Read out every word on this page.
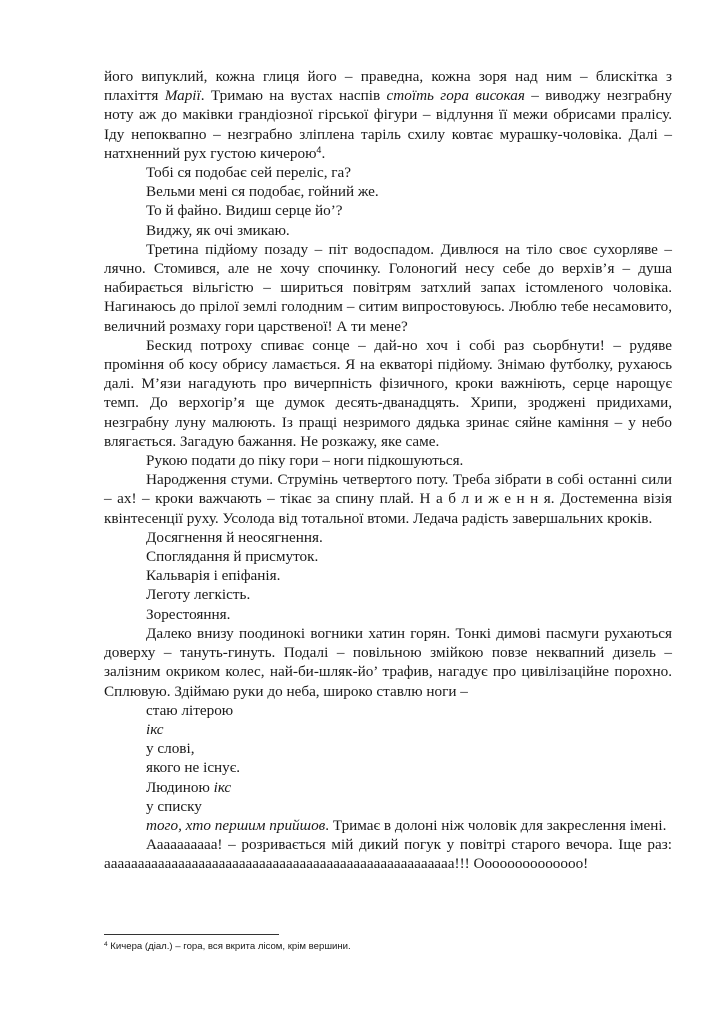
його випуклий, кожна глиця його – праведна, кожна зоря над ним – блискітка з плахіття Марії. Тримаю на вустах наспів стоїть гора високая – виводжу незграбну ноту аж до маківки грандіозної гірської фігури – відлуння її межи обрисами пралісу. Іду непоквапно – незграбно зліплена таріль схилу ковтає мурашку-чоловіка. Далі – натхненний рух густою кичерою$^4$.

Тобі ся подобає сей переліс, га?

Вельми мені ся подобає, гойний же.

То й файно. Видиш серце йо’?

Виджу, як очі змикаю.

Третина підйому позаду – піт водоспадом. Дивлюся на тіло своє сухорляве – лячно. Стомився, але не хочу спочинку. Голоногий несу себе до верхів’я – душа набирається вільгістю – шириться повітрям затхлий запах істомленого чоловіка. Нагинаюсь до прілої землі голодним – ситим випростовуюсь. Люблю тебе несамовито, величний розмаху гори царственої! А ти мене?

Бескид потроху спиває сонце – дай-но хоч і собі раз сьорбнути! – рудяве проміння об косу обрису ламається. Я на екваторі підйому. Знімаю футболку, рухаюсь далі. М’язи нагадують про вичерпність фізичного, кроки важніють, серце нарощує темп. До верхогір’я ще думок десять-дванадцять. Хрипи, зроджені придихами, незграбну луну малюють. Із пращі незримого дядька зринає сяйне каміння – у небо влягається. Загадую бажання. Не розкажу, яке саме.

Рукою подати до піку гори – ноги підкошуються.

Народження стуми. Струмінь четвертого поту. Треба зібрати в собі останні сили – ах! – кроки важчають – тікає за спину плай. Н а б л и ж е н н я. Достеменна візія квінтесенції руху. Усолода від тотальної втоми. Ледача радість завершальних кроків.

Досягнення й неосягнення.

Споглядання й присмуток.

Кальварія і епіфанія.

Леготу легкість.

Зорестояння.

Далеко внизу поодинокі вогники хатин горян. Тонкі димові пасмуги рухаються доверху – тануть-гинуть. Подалі – повільною змійкою повзе неквапний дизель – залізним окриком колес, най-би-шляк-йо’ трафив, нагадує про цивілізаційне порохно. Сплювую. Здіймаю руки до неба, широко ставлю ноги –

стаю літерою

ікс

у слові,

якого не існує.

Людиною ікс

у списку

того, хто першим прийшов. Тримає в долоні ніж чоловік для закреслення імені.

Аааааааааа! – розривається мій дикий погук у повітрі старого вечора. Іще раз: аааааааааааааааааааааааааааааааааааааааааааааааааааа!!! Оооооооооооооо!

$^4$ Кичера (діал.) – гора, вся вкрита лісом, крім вершини.
